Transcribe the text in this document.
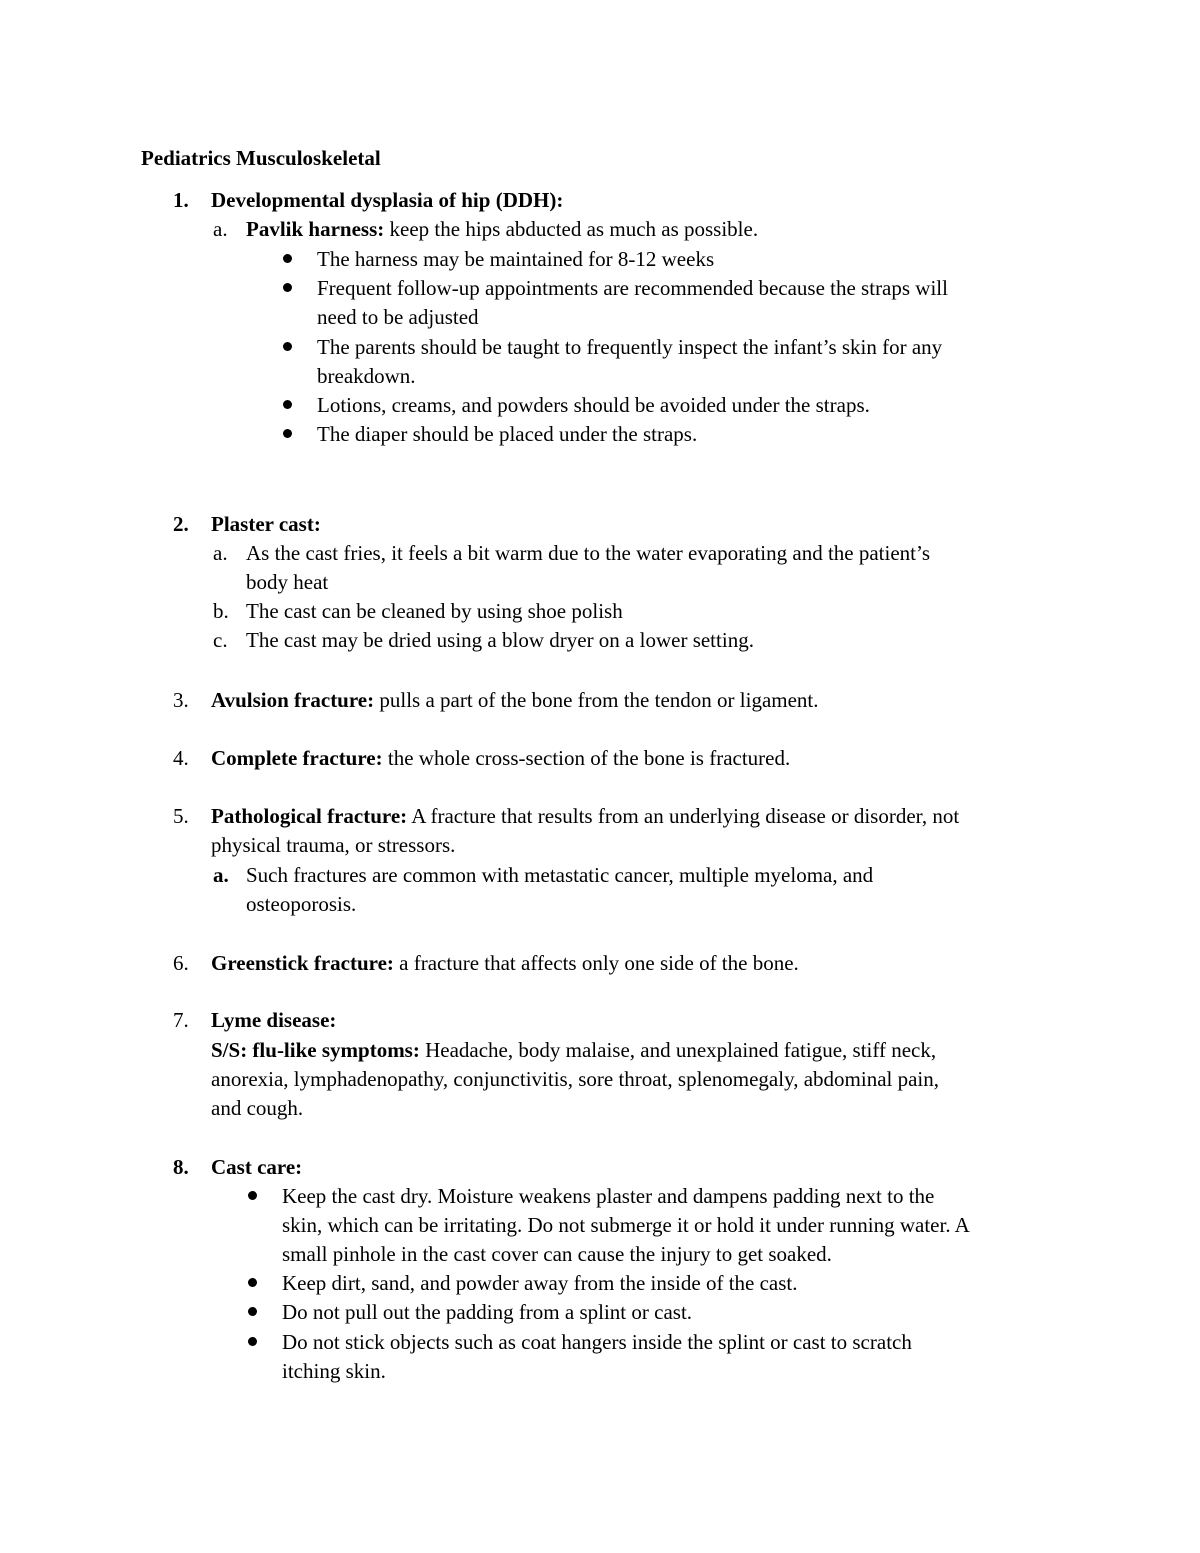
Pediatrics Musculoskeletal
1. Developmental dysplasia of hip (DDH):
a. Pavlik harness: keep the hips abducted as much as possible.
The harness may be maintained for 8-12 weeks
Frequent follow-up appointments are recommended because the straps will
need to be adjusted
The parents should be taught to frequently inspect the infant’s skin for any
breakdown.
Lotions, creams, and powders should be avoided under the straps.
The diaper should be placed under the straps.
2. Plaster cast:
a. As the cast fries, it feels a bit warm due to the water evaporating and the patient’s
body heat
b. The cast can be cleaned by using shoe polish
c. The cast may be dried using a blow dryer on a lower setting.
3. Avulsion fracture: pulls a part of the bone from the tendon or ligament.
4. Complete fracture: the whole cross-section of the bone is fractured.
5. Pathological fracture: A fracture that results from an underlying disease or disorder, not
physical trauma, or stressors.
a. Such fractures are common with metastatic cancer, multiple myeloma, and
osteoporosis.
6. Greenstick fracture: a fracture that affects only one side of the bone.
7. Lyme disease:
S/S: flu-like symptoms: Headache, body malaise, and unexplained fatigue, stiff neck,
anorexia, lymphadenopathy, conjunctivitis, sore throat, splenomegaly, abdominal pain,
and cough.
8. Cast care:
Keep the cast dry. Moisture weakens plaster and dampens padding next to the
skin, which can be irritating. Do not submerge it or hold it under running water. A
small pinhole in the cast cover can cause the injury to get soaked.
Keep dirt, sand, and powder away from the inside of the cast.
Do not pull out the padding from a splint or cast.
Do not stick objects such as coat hangers inside the splint or cast to scratch
itching skin.
